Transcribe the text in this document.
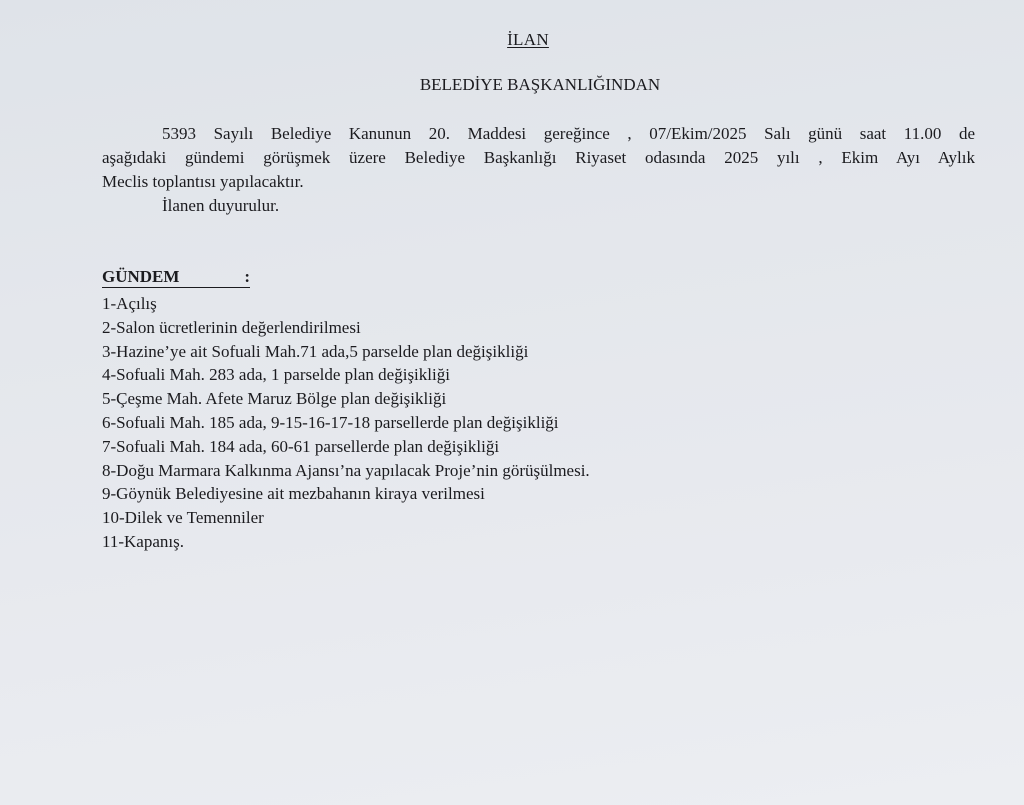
İLAN
BELEDİYE BAŞKANLIĞINDAN
5393 Sayılı Belediye Kanunun 20. Maddesi gereğince , 07/Ekim/2025 Salı günü saat 11.00 de
aşağıdaki gündemi görüşmek üzere Belediye Başkanlığı Riyaset odasında 2025 yılı , Ekim Ayı Aylık
Meclis toplantısı yapılacaktır.
İlanen duyurulur.
GÜNDEM	:
1-Açılış
2-Salon ücretlerinin değerlendirilmesi
3-Hazine’ye ait Sofuali Mah.71 ada,5 parselde plan değişikliği
4-Sofuali Mah. 283 ada, 1 parselde plan değişikliği
5-Çeşme Mah. Afete Maruz Bölge plan değişikliği
6-Sofuali Mah. 185 ada, 9-15-16-17-18 parsellerde plan değişikliği
7-Sofuali Mah. 184 ada, 60-61 parsellerde plan değişikliği
8-Doğu Marmara Kalkınma Ajansı’na yapılacak Proje’nin görüşülmesi.
9-Göynük Belediyesine ait mezbahanın kiraya verilmesi
10-Dilek ve Temenniler
11-Kapanış.
